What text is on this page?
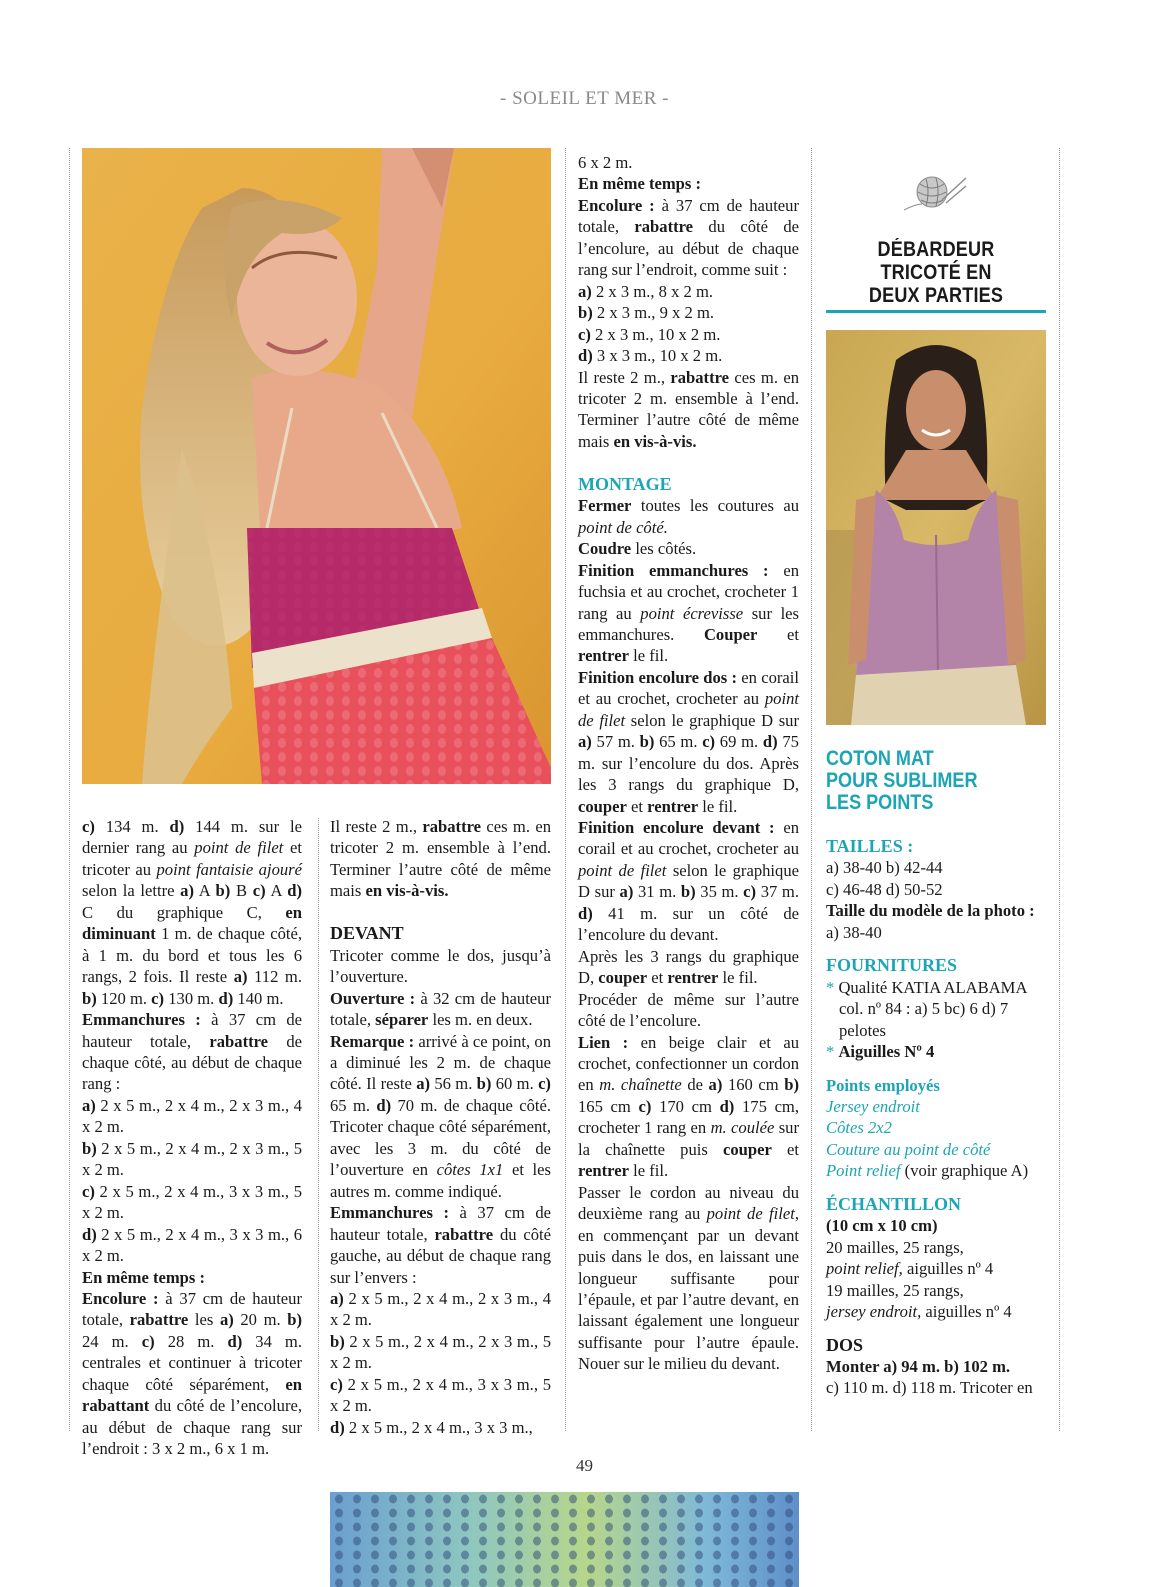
- SOLEIL ET MER -

c) 134 m. d) 144 m. sur le dernier rang au point de filet et tricoter au point fantaisie ajouré selon la lettre a) A b) B c) A d) C du graphique C, en diminuant 1 m. de chaque côté, à 1 m. du bord et tous les 6 rangs, 2 fois. Il reste a) 112 m. b) 120 m. c) 130 m. d) 140 m.

Emmanchures : à 37 cm de hauteur totale, rabattre de chaque côté, au début de chaque rang :

a) 2 x 5 m., 2 x 4 m., 2 x 3 m., 4 x 2 m.

b) 2 x 5 m., 2 x 4 m., 2 x 3 m., 5 x 2 m.

c) 2 x 5 m., 2 x 4 m., 3 x 3 m., 5 x 2 m.

d) 2 x 5 m., 2 x 4 m., 3 x 3 m., 6 x 2 m.

En même temps :

Encolure : à 37 cm de hauteur totale, rabattre les a) 20 m. b) 24 m. c) 28 m. d) 34 m. centrales et continuer à tricoter chaque côté séparément, en rabattant du côté de l’encolure, au début de chaque rang sur l’endroit : 3 x 2 m., 6 x 1 m.

Il reste 2 m., rabattre ces m. en tricoter 2 m. ensemble à l’end. Terminer l’autre côté de même mais en vis-à-vis.

DEVANT

Tricoter comme le dos, jusqu’à l’ouverture.

Ouverture : à 32 cm de hauteur totale, séparer les m. en deux.

Remarque : arrivé à ce point, on a diminué les 2 m. de chaque côté. Il reste a) 56 m. b) 60 m. c) 65 m. d) 70 m. de chaque côté. Tricoter chaque côté séparément, avec les 3 m. du côté de l’ouverture en côtes 1x1 et les autres m. comme indiqué.

Emmanchures : à 37 cm de hauteur totale, rabattre du côté gauche, au début de chaque rang sur l’envers :

a) 2 x 5 m., 2 x 4 m., 2 x 3 m., 4 x 2 m.

b) 2 x 5 m., 2 x 4 m., 2 x 3 m., 5 x 2 m.

c) 2 x 5 m., 2 x 4 m., 3 x 3 m., 5 x 2 m.

d) 2 x 5 m., 2 x 4 m., 3 x 3 m.,

6 x 2 m.

En même temps :

Encolure : à 37 cm de hauteur totale, rabattre du côté de l’encolure, au début de chaque rang sur l’endroit, comme suit :

a) 2 x 3 m., 8 x 2 m.

b) 2 x 3 m., 9 x 2 m.

c) 2 x 3 m., 10 x 2 m.

d) 3 x 3 m., 10 x 2 m.

Il reste 2 m., rabattre ces m. en tricoter 2 m. ensemble à l’end. Terminer l’autre côté de même mais en vis-à-vis.

MONTAGE

Fermer toutes les coutures au point de côté.

Coudre les côtés.

Finition emmanchures : en fuchsia et au crochet, crocheter 1 rang au point écrevisse sur les emmanchures. Couper et rentrer le fil.

Finition encolure dos : en corail et au crochet, crocheter au point de filet selon le graphique D sur a) 57 m. b) 65 m. c) 69 m. d) 75 m. sur l’encolure du dos. Après les 3 rangs du graphique D, couper et rentrer le fil.

Finition encolure devant : en corail et au crochet, crocheter au point de filet selon le graphique D sur a) 31 m. b) 35 m. c) 37 m. d) 41 m. sur un côté de l’encolure du devant.

Après les 3 rangs du graphique D, couper et rentrer le fil.

Procéder de même sur l’autre côté de l’encolure.

Lien : en beige clair et au crochet, confectionner un cordon en m. chaînette de a) 160 cm b) 165 cm c) 170 cm d) 175 cm, crocheter 1 rang en m. coulée sur la chaînette puis couper et rentrer le fil.

Passer le cordon au niveau du deuxième rang au point de filet, en commençant par un devant puis dans le dos, en laissant une longueur suffisante pour l’épaule, et par l’autre devant, en laissant également une longueur suffisante pour l’autre épaule. Nouer sur le milieu du devant.

DÉBARDEUR
TRICOTÉ EN
DEUX PARTIES
COTON MAT
POUR SUBLIMER
LES POINTS

TAILLES :

a) 38-40 b) 42-44

c) 46-48 d) 50-52

Taille du modèle de la photo :

a) 38-40

FOURNITURES

* Qualité KATIA ALABAMA

col. nº 84 : a) 5 bc) 6 d) 7

pelotes

* Aiguilles Nº 4

Points employés

Jersey endroit

Côtes 2x2

Couture au point de côté

Point relief (voir graphique A)

ÉCHANTILLON

(10 cm x 10 cm)

20 mailles, 25 rangs,

point relief, aiguilles nº 4

19 mailles, 25 rangs,

jersey endroit, aiguilles nº 4

DOS

Monter a) 94 m. b) 102 m.

c) 110 m. d) 118 m. Tricoter en

49
